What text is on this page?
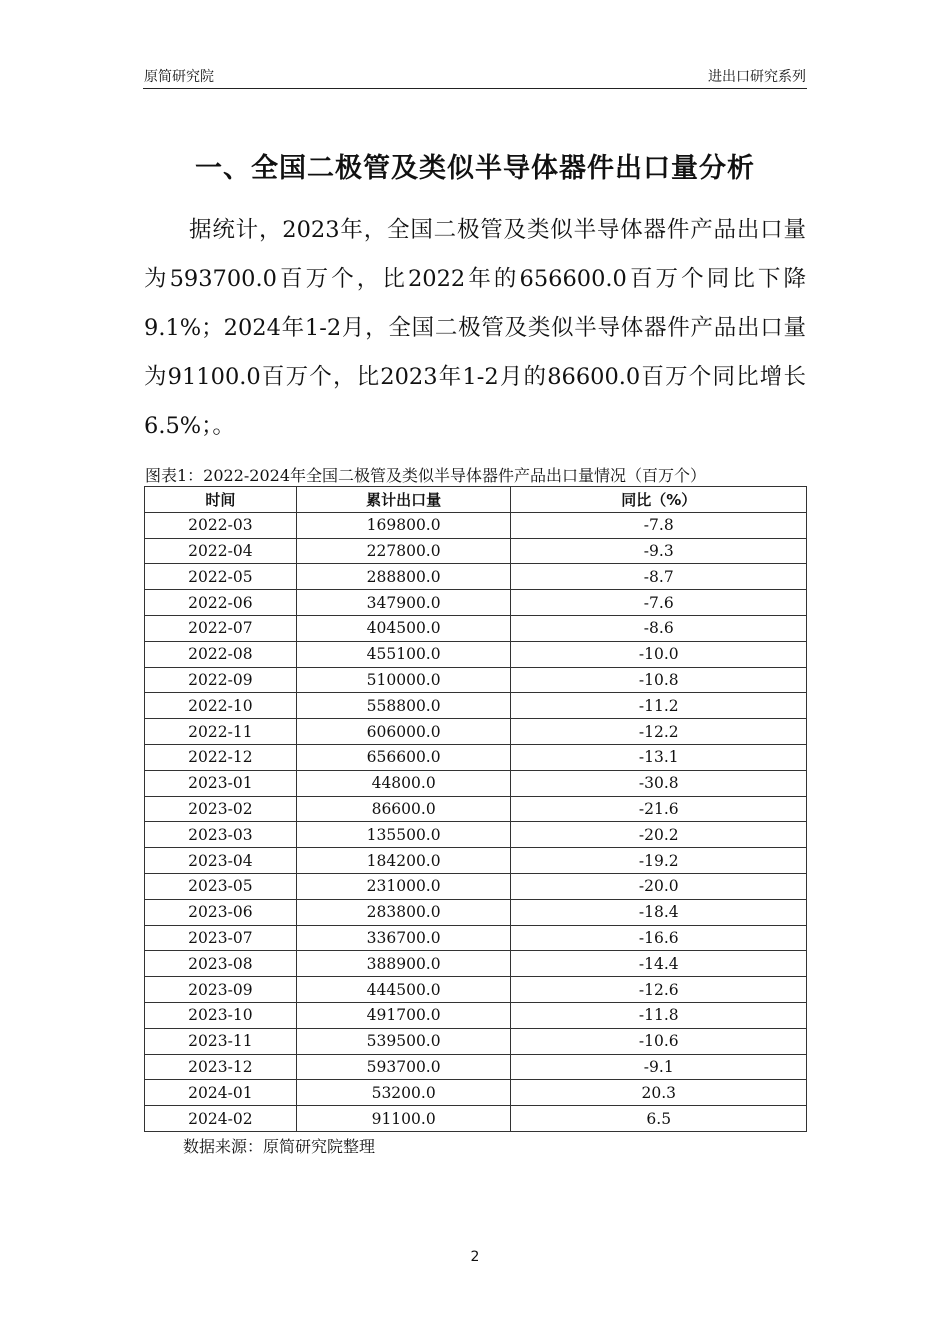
原简研究院	进出口研究系列
一、全国二极管及类似半导体器件出口量分析

据统计，2023年，全国二极管及类似半导体器件产品出口量为593700.0百万个，比2022年的656600.0百万个同比下降9.1%；2024年1-2月，全国二极管及类似半导体器件产品出口量为91100.0百万个，比2023年1-2月的86600.0百万个同比增长6.5%；。

图表1：2022-2024年全国二极管及类似半导体器件产品出口量情况（百万个）
时间	累计出口量	同比（%）
2022-03	169800.0	-7.8
2022-04	227800.0	-9.3
2022-05	288800.0	-8.7
2022-06	347900.0	-7.6
2022-07	404500.0	-8.6
2022-08	455100.0	-10.0
2022-09	510000.0	-10.8
2022-10	558800.0	-11.2
2022-11	606000.0	-12.2
2022-12	656600.0	-13.1
2023-01	44800.0	-30.8
2023-02	86600.0	-21.6
2023-03	135500.0	-20.2
2023-04	184200.0	-19.2
2023-05	231000.0	-20.0
2023-06	283800.0	-18.4
2023-07	336700.0	-16.6
2023-08	388900.0	-14.4
2023-09	444500.0	-12.6
2023-10	491700.0	-11.8
2023-11	539500.0	-10.6
2023-12	593700.0	-9.1
2024-01	53200.0	20.3
2024-02	91100.0	6.5
数据来源：原简研究院整理
2
